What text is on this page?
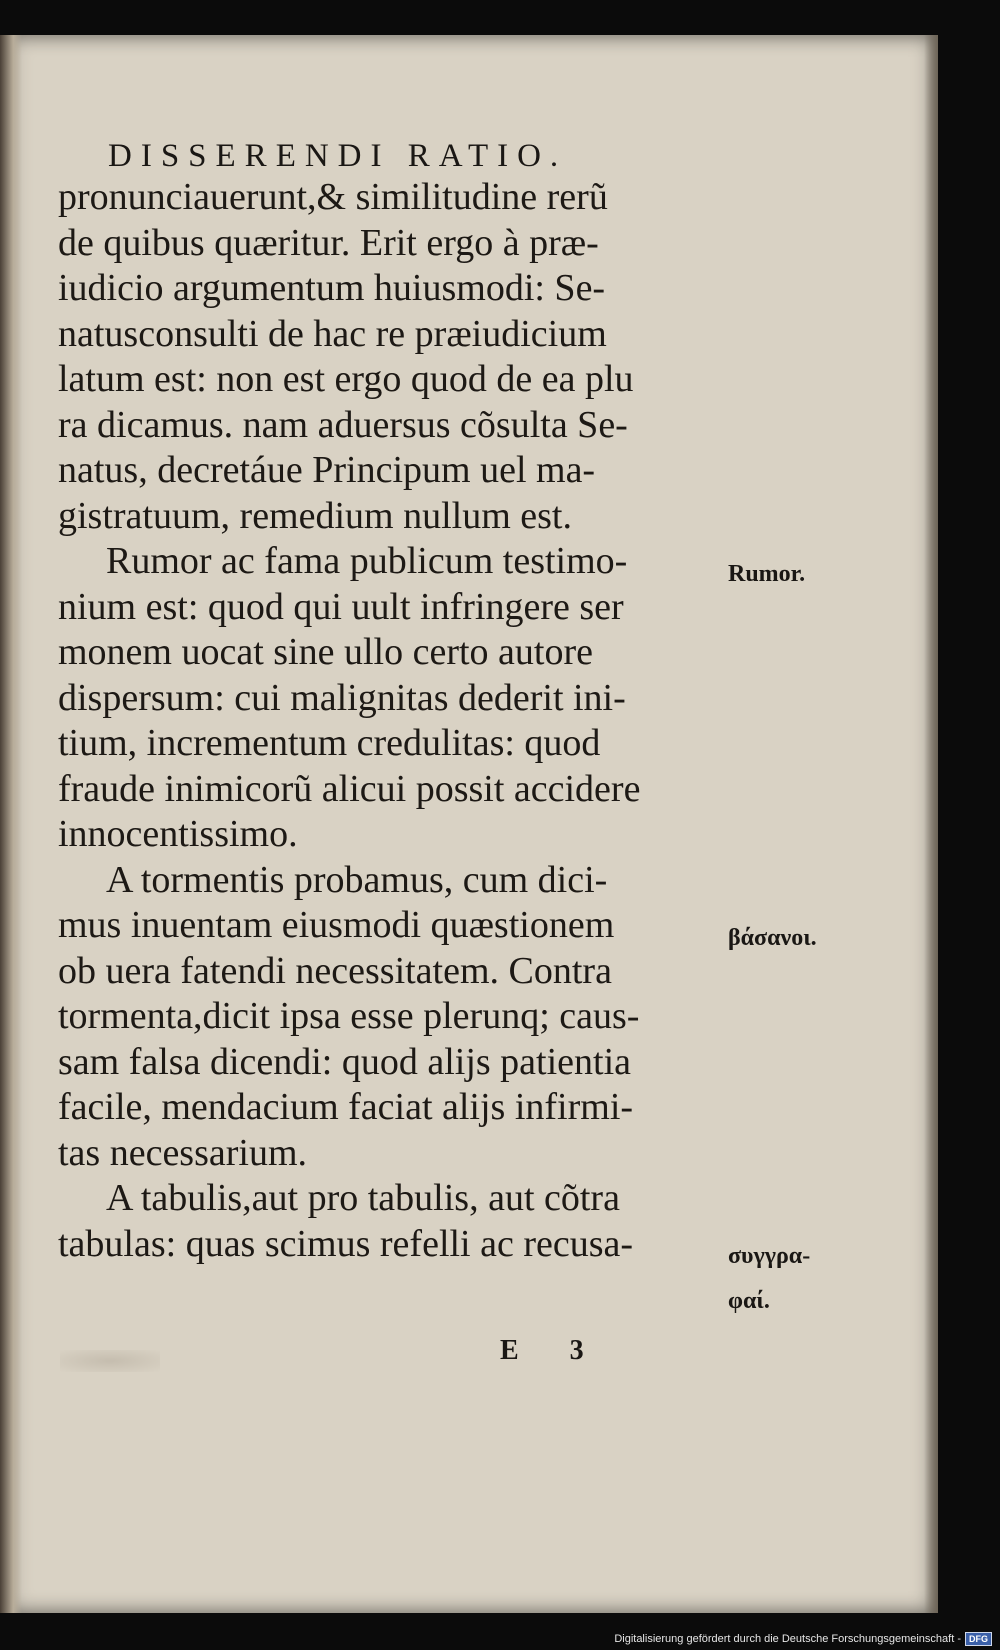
DISSERENDI RATIO.
pronunciauerunt,& similitudine rerũ
de quibus quæritur. Erit ergo à præ-
iudicio argumentum huiusmodi: Se-
natusconsulti de hac re præiudicium
latum est: non est ergo quod de ea plu
ra dicamus. nam aduersus cõsulta Se-
natus, decretáue Principum uel ma-
gistratuum, remedium nullum est.
Rumor ac fama publicum testimo-
nium est: quod qui uult infringere ser
monem uocat sine ullo certo autore
dispersum: cui malignitas dederit ini-
tium, incrementum credulitas: quod
fraude inimicorũ alicui possit accidere
innocentissimo.
A tormentis probamus, cum dici-
mus inuentam eiusmodi quæstionem
ob uera fatendi necessitatem. Contra
tormenta,dicit ipsa esse plerunq; caus-
sam falsa dicendi: quod alijs patientia
facile, mendacium faciat alijs infirmi-
tas necessarium.
A tabulis,aut pro tabulis, aut cõtra
tabulas: quas scimus refelli ac recusa-
Rumor.
βάσανοι.
συγγρα-
φαί.
E 3
Digitalisierung gefördert durch die Deutsche Forschungsgemeinschaft - DFG
